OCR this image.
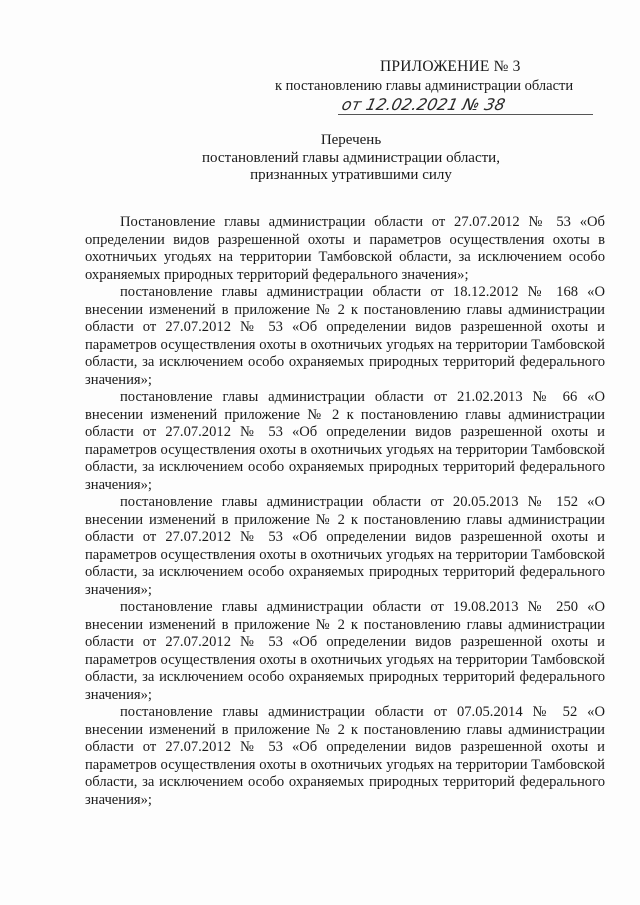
ПРИЛОЖЕНИЕ № 3
к постановлению главы администрации области
от 12.02.2021 № 38
Перечень
постановлений главы администрации области,
признанных утратившими силу

Постановление главы администрации области от 27.07.2012 № 53 «Об определении видов разрешенной охоты и параметров осуществления охоты в охотничьих угодьях на территории Тамбовской области, за исключением особо охраняемых природных территорий федерального значения»;

постановление главы администрации области от 18.12.2012 № 168 «О внесении изменений в приложение № 2 к постановлению главы администрации области от 27.07.2012 № 53 «Об определении видов разрешенной охоты и параметров осуществления охоты в охотничьих угодьях на территории Тамбовской области, за исключением особо охраняемых природных территорий федерального значения»;

постановление главы администрации области от 21.02.2013 № 66 «О внесении изменений приложение № 2 к постановлению главы администрации области от 27.07.2012 № 53 «Об определении видов разрешенной охоты и параметров осуществления охоты в охотничьих угодьях на территории Тамбовской области, за исключением особо охраняемых природных территорий федерального значения»;

постановление главы администрации области от 20.05.2013 № 152 «О внесении изменений в приложение № 2 к постановлению главы администрации области от 27.07.2012 № 53 «Об определении видов разрешенной охоты и параметров осуществления охоты в охотничьих угодьях на территории Тамбовской области, за исключением особо охраняемых природных территорий федерального значения»;

постановление главы администрации области от 19.08.2013 № 250 «О внесении изменений в приложение № 2 к постановлению главы администрации области от 27.07.2012 № 53 «Об определении видов разрешенной охоты и параметров осуществления охоты в охотничьих угодьях на территории Тамбовской области, за исключением особо охраняемых природных территорий федерального значения»;

постановление главы администрации области от 07.05.2014 № 52 «О внесении изменений в приложение № 2 к постановлению главы администрации области от 27.07.2012 № 53 «Об определении видов разрешенной охоты и параметров осуществления охоты в охотничьих угодьях на территории Тамбовской области, за исключением особо охраняемых природных территорий федерального значения»;
